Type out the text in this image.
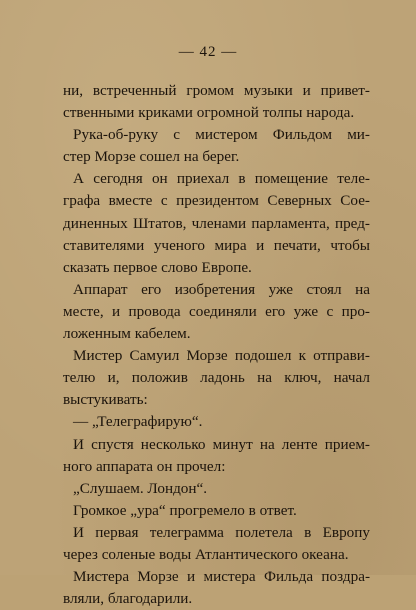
— 42 —

ни, встреченный громом музыки и привет-
ственными криками огромной толпы народа.
Рука-об-руку с мистером Фильдом ми-
стер Морзе сошел на берег.
А сегодня он приехал в помещение теле-
графа вместе с президентом Северных Сое-
диненных Штатов, членами парламента, пред-
ставителями ученого мира и печати, чтобы
сказать первое слово Европе.
Аппарат его изобретения уже стоял на
месте, и провода соединяли его уже с про-
ложенным кабелем.
Мистер Самуил Морзе подошел к отправи-
телю и, положив ладонь на ключ, начал
выстукивать:
— „Телеграфирую“.
И спустя несколько минут на ленте прием-
ного аппарата он прочел:
„Слушаем. Лондон“.
Громкое „ура“ прогремело в ответ.
И первая телеграмма полетела в Европу
через соленые воды Атлантического океана.
Мистера Морзе и мистера Фильда поздра-
вляли, благодарили.
